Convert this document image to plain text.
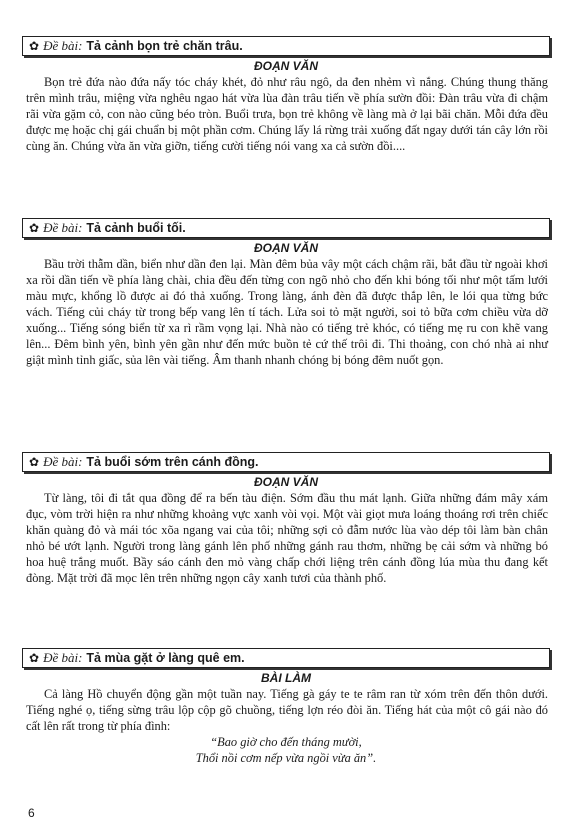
✿ Đề bài: Tả cảnh bọn trẻ chăn trâu.
ĐOẠN VĂN

Bọn trẻ đứa nào đứa nấy tóc cháy khét, đỏ như râu ngô, da đen nhẻm vì nắng. Chúng thung thăng trên mình trâu, miệng vừa nghêu ngao hát vừa lùa đàn trâu tiến về phía sườn đồi: Đàn trâu vừa đi chậm rãi vừa gặm cỏ, con nào cũng béo tròn. Buổi trưa, bọn trẻ không về làng mà ở lại bãi chăn. Mỗi đứa đều được mẹ hoặc chị gái chuẩn bị một phần cơm. Chúng lấy lá rừng trải xuống đất ngay dưới tán cây lớn rồi cùng ăn. Chúng vừa ăn vừa giỡn, tiếng cười tiếng nói vang xa cả sườn đồi....

✿ Đề bài: Tả cảnh buổi tối.
ĐOẠN VĂN

Bầu trời thẫm dần, biển như dần đen lại. Màn đêm bủa vây một cách chậm rãi, bắt đầu từ ngoài khơi xa rồi dần tiến về phía làng chài, chia đều đến từng con ngõ nhỏ cho đến khi bóng tối như một tấm lưới màu mực, khổng lồ được ai đó thả xuống. Trong làng, ánh đèn đã được thắp lên, le lói qua từng bức vách. Tiếng củi cháy từ trong bếp vang lên tí tách. Lửa soi tỏ mặt người, soi tỏ bữa cơm chiều vừa dỡ xuống... Tiếng sóng biển từ xa rì rầm vọng lại. Nhà nào có tiếng trẻ khóc, có tiếng mẹ ru con khẽ vang lên... Đêm bình yên, bình yên gần như đến mức buồn tẻ cứ thế trôi đi. Thi thoảng, con chó nhà ai như giật mình tỉnh giấc, sủa lên vài tiếng. Âm thanh nhanh chóng bị bóng đêm nuốt gọn.

✿ Đề bài: Tả buổi sớm trên cánh đồng.
ĐOẠN VĂN

Từ làng, tôi đi tắt qua đồng để ra bến tàu điện. Sớm đầu thu mát lạnh. Giữa những đám mây xám đục, vòm trời hiện ra như những khoảng vực xanh vòi vọi. Một vài giọt mưa loáng thoáng rơi trên chiếc khăn quàng đỏ và mái tóc xõa ngang vai của tôi; những sợi cỏ đẫm nước lùa vào dép tôi làm bàn chân nhỏ bé ướt lạnh. Người trong làng gánh lên phố những gánh rau thơm, những bẹ cải sớm và những bó hoa huệ trắng muốt. Bầy sáo cánh đen mỏ vàng chấp chới liệng trên cánh đồng lúa mùa thu đang kết đòng. Mặt trời đã mọc lên trên những ngọn cây xanh tươi của thành phố.

✿ Đề bài: Tả mùa gặt ở làng quê em.
BÀI LÀM

Cả làng Hồ chuyển động gần một tuần nay. Tiếng gà gáy te te râm ran từ xóm trên đến thôn dưới. Tiếng nghé ọ, tiếng sừng trâu lộp cộp gõ chuồng, tiếng lợn réo đòi ăn. Tiếng hát của một cô gái nào đó cất lên rất trong từ phía đình:

“Bao giờ cho đến tháng mười,
Thổi nồi cơm nếp vừa ngồi vừa ăn”.
6
